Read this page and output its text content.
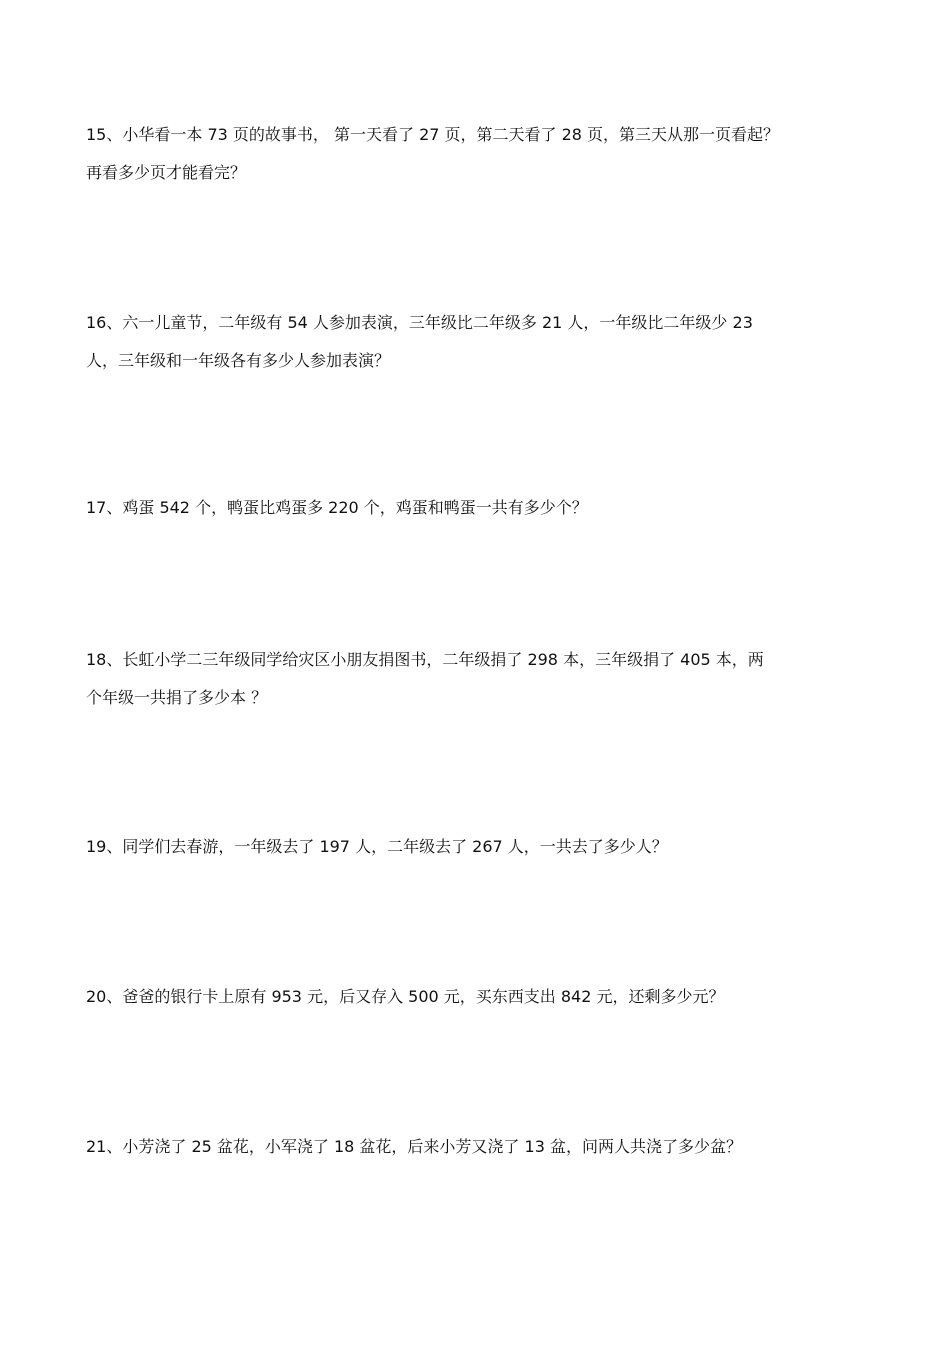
15、小华看一本 73 页的故事书， 第一天看了 27 页，第二天看了 28 页，第三天从那一页看起？
再看多少页才能看完？
16、六一儿童节，二年级有 54 人参加表演，三年级比二年级多 21 人，一年级比二年级少 23
人，三年级和一年级各有多少人参加表演？
17、鸡蛋 542 个，鸭蛋比鸡蛋多 220 个，鸡蛋和鸭蛋一共有多少个？
18、长虹小学二三年级同学给灾区小朋友捐图书，二年级捐了 298 本，三年级捐了 405 本，两
个年级一共捐了多少本 ？
19、同学们去春游，一年级去了 197 人，二年级去了 267 人，一共去了多少人？
20、爸爸的银行卡上原有 953 元，后又存入 500 元，买东西支出 842 元，还剩多少元？
21、小芳浇了 25 盆花，小军浇了 18 盆花，后来小芳又浇了 13 盆，问两人共浇了多少盆？
